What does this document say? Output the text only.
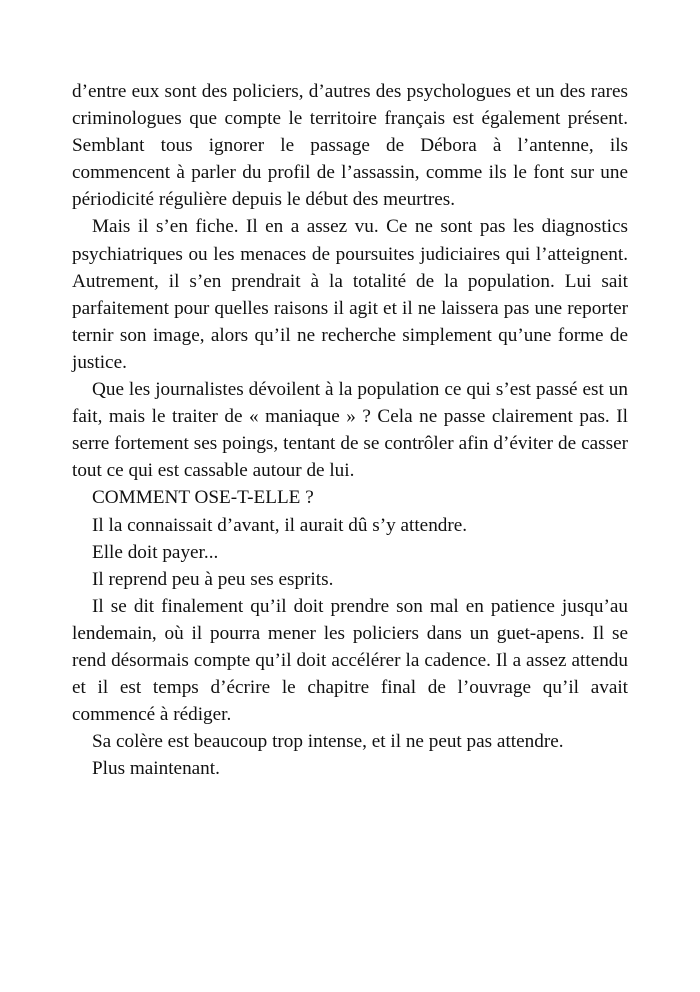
d’entre eux sont des policiers, d’autres des psychologues et un des rares criminologues que compte le territoire français est également présent. Semblant tous ignorer le passage de Débora à l’antenne, ils commencent à parler du profil de l’assassin, comme ils le font sur une périodicité régulière depuis le début des meurtres.

Mais il s’en fiche. Il en a assez vu. Ce ne sont pas les diagnostics psychiatriques ou les menaces de poursuites judiciaires qui l’atteignent. Autrement, il s’en prendrait à la totalité de la population. Lui sait parfaitement pour quelles raisons il agit et il ne laissera pas une reporter ternir son image, alors qu’il ne recherche simplement qu’une forme de justice.

Que les journalistes dévoilent à la population ce qui s’est passé est un fait, mais le traiter de « maniaque » ? Cela ne passe clairement pas. Il serre fortement ses poings, tentant de se contrôler afin d’éviter de casser tout ce qui est cassable autour de lui.

COMMENT OSE-T-ELLE ?

Il la connaissait d’avant, il aurait dû s’y attendre.

Elle doit payer...

Il reprend peu à peu ses esprits.

Il se dit finalement qu’il doit prendre son mal en patience jusqu’au lendemain, où il pourra mener les policiers dans un guet-apens. Il se rend désormais compte qu’il doit accélérer la cadence. Il a assez attendu et il est temps d’écrire le chapitre final de l’ouvrage qu’il avait commencé à rédiger.

Sa colère est beaucoup trop intense, et il ne peut pas attendre.

Plus maintenant.
